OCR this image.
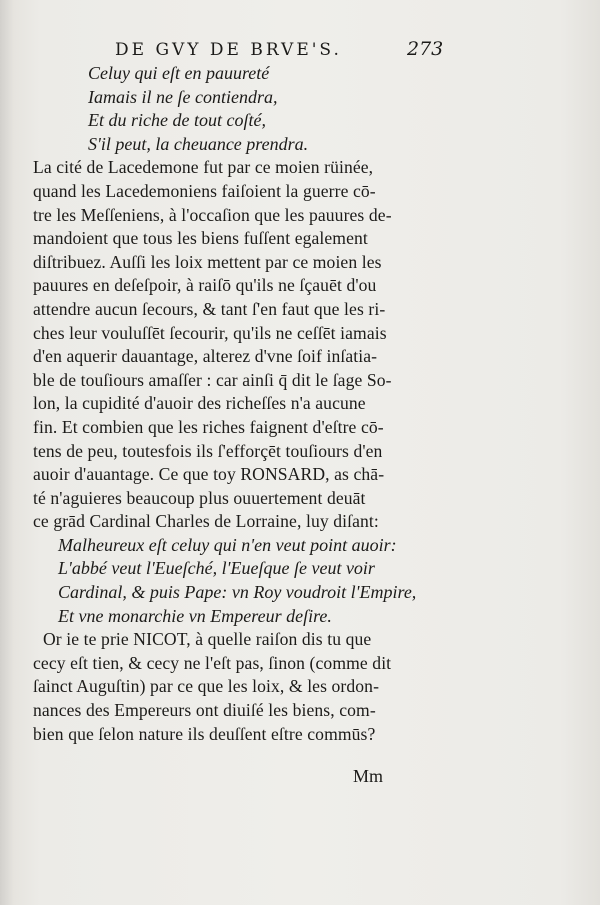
DE GVY DE BRVE'S.	273
Celuy qui eſt en pauureté
Iamais il ne ſe contiendra,
Et du riche de tout coſté,
S'il peut, la cheuance prendra.
La cité de Lacedemone fut par ce moien rüinée,
quand les Lacedemoniens faiſoient la guerre cō-
tre les Meſſeniens, à l'occaſion que les pauures de-
mandoient que tous les biens fuſſent egalement
diſtribuez. Auſſi les loix mettent par ce moien les
pauures en deſeſpoir, à raiſō qu'ils ne ſçauēt d'ou
attendre aucun ſecours, & tant ſ'en faut que les ri-
ches leur vouluſſēt ſecourir, qu'ils ne ceſſēt iamais
d'en aquerir dauantage, alterez d'vne ſoif inſatia-
ble de touſiours amaſſer : car ainſi q̄ dit le ſage So-
lon, la cupidité d'auoir des richeſſes n'a aucune
fin. Et combien que les riches faignent d'eſtre cō-
tens de peu, toutesfois ils ſ'efforçēt touſiours d'en
auoir d'auantage. Ce que toy RONSARD, as chā-
té n'aguieres beaucoup plus ouuertement deuāt
ce grād Cardinal Charles de Lorraine, luy diſant:
Malheureux eſt celuy qui n'en veut point auoir:
L'abbé veut l'Eueſché, l'Eueſque ſe veut voir
Cardinal, & puis Pape: vn Roy voudroit l'Empire,
Et vne monarchie vn Empereur deſire.
Or ie te prie NICOT, à quelle raiſon dis tu que
cecy eſt tien, & cecy ne l'eſt pas, ſinon (comme dit
ſainct Auguſtin) par ce que les loix, & les ordon-
nances des Empereurs ont diuiſé les biens, com-
bien que ſelon nature ils deuſſent eſtre commūs?
Mm
